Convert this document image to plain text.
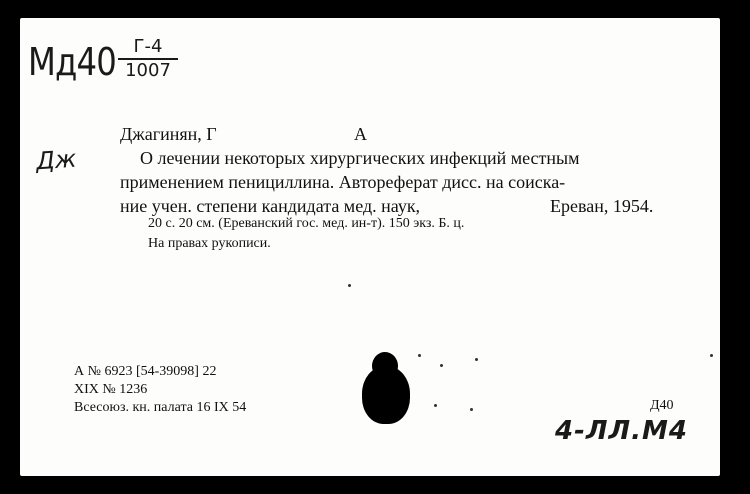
Мд40 Г-4
1007
Дж
Джагинян, Г	А
О лечении некоторых хирургических инфекций местным
применением пенициллина. Автореферат дисс. на соиска-
ние учен. степени кандидата мед. наук,	Ереван, 1954.
20 с. 20 см. (Ереванский гос. мед. ин-т). 150 экз. Б. ц.
На правах рукописи.
А № 6923 [54-39098] 22
XIX № 1236
Всесоюз. кн. палата 16 IX 54	Д40
4-ЛЛ.М4
